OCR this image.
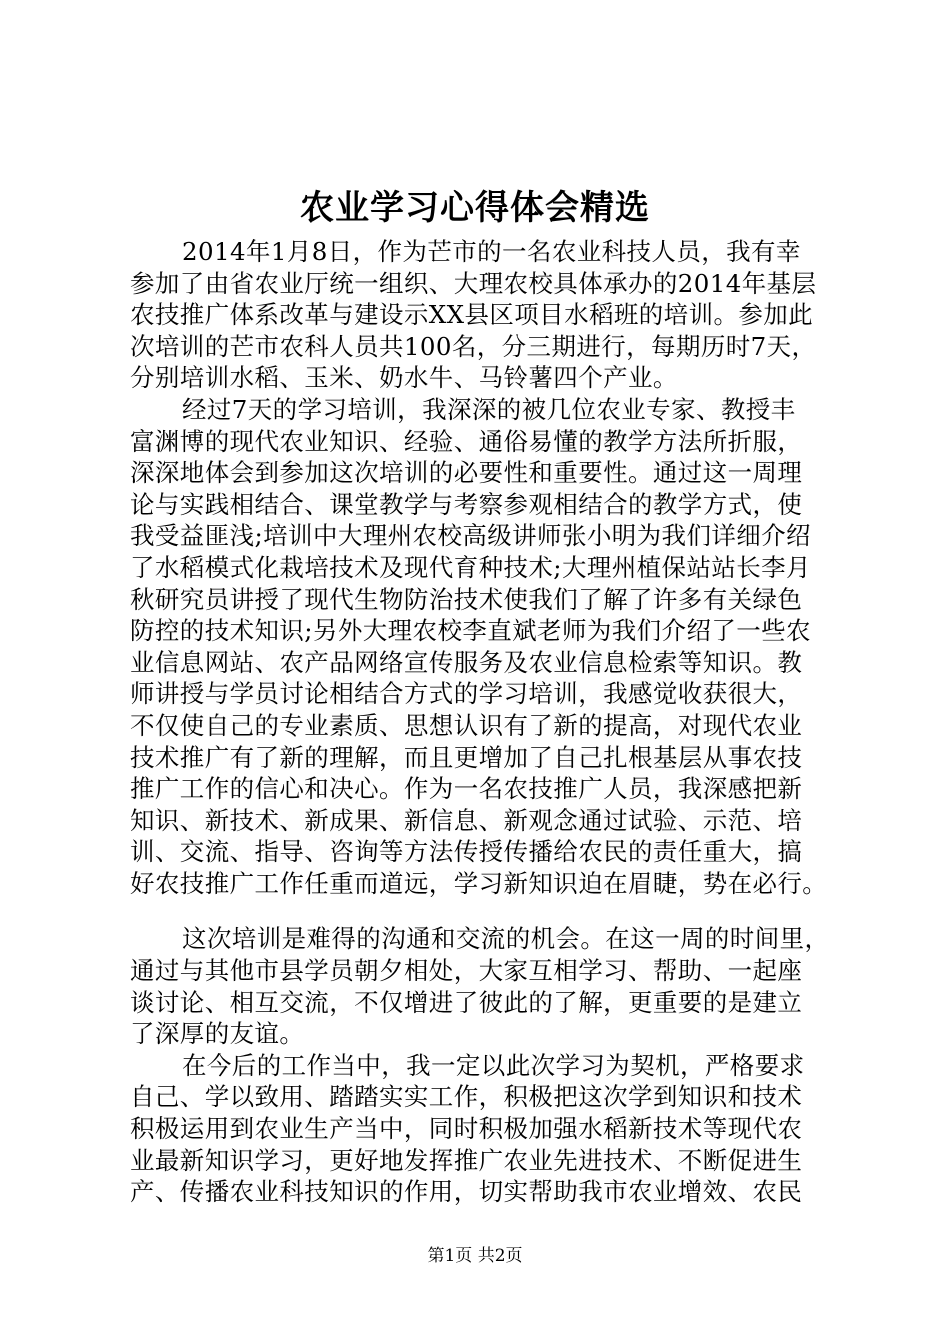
农业学习心得体会精选
2014年1月8日，作为芒市的一名农业科技人员，我有幸
参加了由省农业厅统一组织、大理农校具体承办的2014年基层
农技推广体系改革与建设示XX县区项目水稻班的培训。参加此
次培训的芒市农科人员共100名，分三期进行，每期历时7天，
分别培训水稻、玉米、奶水牛、马铃薯四个产业。
经过7天的学习培训，我深深的被几位农业专家、教授丰
富渊博的现代农业知识、经验、通俗易懂的教学方法所折服，
深深地体会到参加这次培训的必要性和重要性。通过这一周理
论与实践相结合、课堂教学与考察参观相结合的教学方式，使
我受益匪浅;培训中大理州农校高级讲师张小明为我们详细介绍
了水稻模式化栽培技术及现代育种技术;大理州植保站站长李月
秋研究员讲授了现代生物防治技术使我们了解了许多有关绿色
防控的技术知识;另外大理农校李直斌老师为我们介绍了一些农
业信息网站、农产品网络宣传服务及农业信息检索等知识。教
师讲授与学员讨论相结合方式的学习培训，我感觉收获很大，
不仅使自己的专业素质、思想认识有了新的提高，对现代农业
技术推广有了新的理解，而且更增加了自己扎根基层从事农技
推广工作的信心和决心。作为一名农技推广人员，我深感把新
知识、新技术、新成果、新信息、新观念通过试验、示范、培
训、交流、指导、咨询等方法传授传播给农民的责任重大，搞
好农技推广工作任重而道远，学习新知识迫在眉睫，势在必行。
这次培训是难得的沟通和交流的机会。在这一周的时间里，
通过与其他市县学员朝夕相处，大家互相学习、帮助、一起座
谈讨论、相互交流，不仅增进了彼此的了解，更重要的是建立
了深厚的友谊。
在今后的工作当中，我一定以此次学习为契机，严格要求
自己、学以致用、踏踏实实工作，积极把这次学到知识和技术
积极运用到农业生产当中，同时积极加强水稻新技术等现代农
业最新知识学习，更好地发挥推广农业先进技术、不断促进生
产、传播农业科技知识的作用，切实帮助我市农业增效、农民
第1页 共2页
